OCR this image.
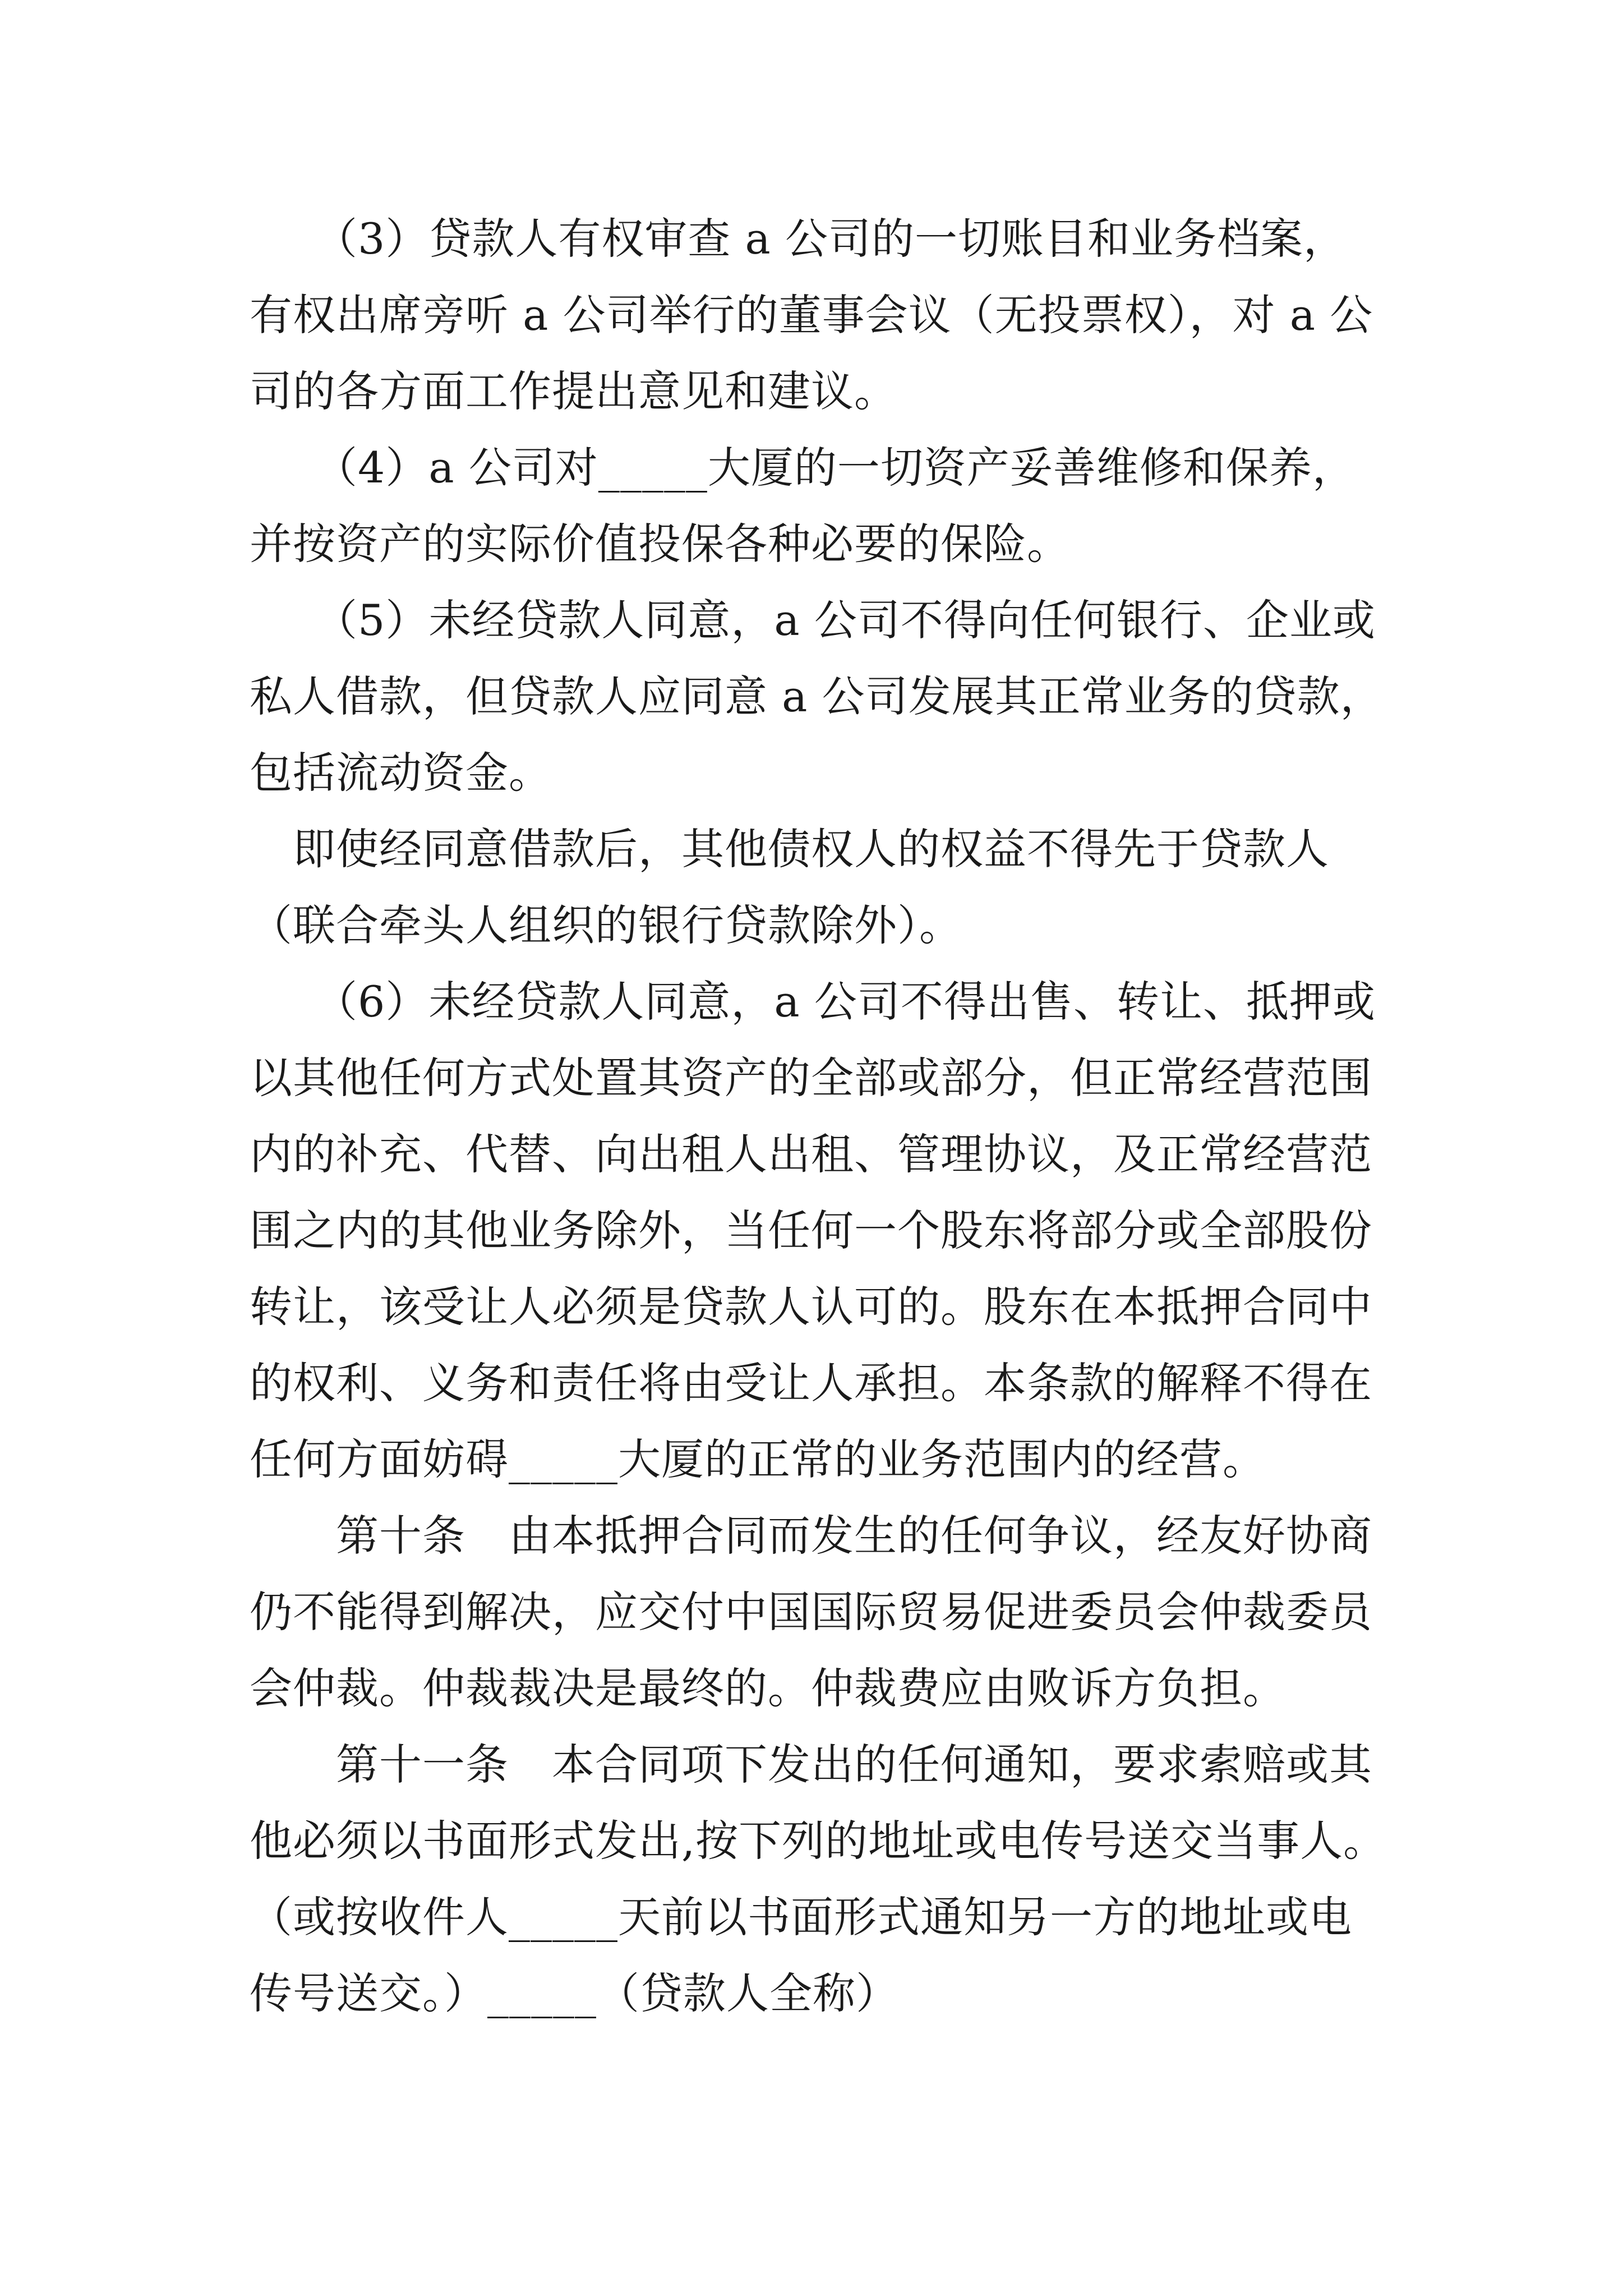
　　（3）贷款人有权审查 a 公司的一切账目和业务档案，
有权出席旁听 a 公司举行的董事会议（无投票权），对 a 公
司的各方面工作提出意见和建议。
　　（4）a 公司对_____大厦的一切资产妥善维修和保养，
并按资产的实际价值投保各种必要的保险。
　　（5）未经贷款人同意，a 公司不得向任何银行、企业或
私人借款，但贷款人应同意 a 公司发展其正常业务的贷款，
包括流动资金。
　即使经同意借款后，其他债权人的权益不得先于贷款人
（联合牵头人组织的银行贷款除外）。
　　（6）未经贷款人同意，a 公司不得出售、转让、抵押或
以其他任何方式处置其资产的全部或部分，但正常经营范围
内的补充、代替、向出租人出租、管理协议，及正常经营范
围之内的其他业务除外，当任何一个股东将部分或全部股份
转让，该受让人必须是贷款人认可的。股东在本抵押合同中
的权利、义务和责任将由受让人承担。本条款的解释不得在
任何方面妨碍_____大厦的正常的业务范围内的经营。
　　第十条　由本抵押合同而发生的任何争议，经友好协商
仍不能得到解决，应交付中国国际贸易促进委员会仲裁委员
会仲裁。仲裁裁决是最终的。仲裁费应由败诉方负担。
　　第十一条　本合同项下发出的任何通知，要求索赔或其
他必须以书面形式发出,按下列的地址或电传号送交当事人。
（或按收件人_____天前以书面形式通知另一方的地址或电
传号送交。）_____（贷款人全称）
